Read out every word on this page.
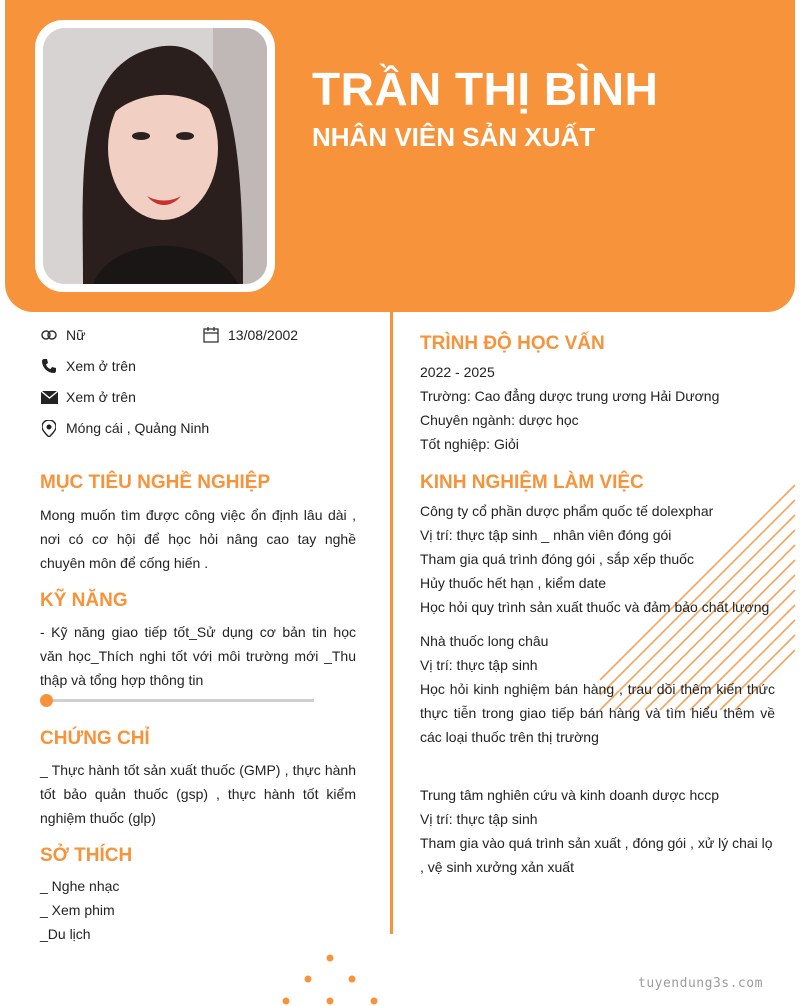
TRẦN THỊ BÌNH
NHÂN VIÊN SẢN XUẤT
Nữ	13/08/2002
Xem ở trên
Xem ở trên
Móng cái , Quảng Ninh
MỤC TIÊU NGHỀ NGHIỆP

Mong muốn tìm được công việc ổn định lâu dài , nơi có cơ hội để học hỏi nâng cao tay nghề chuyên môn để cống hiến .

KỸ NĂNG

- Kỹ năng giao tiếp tốt_Sử dụng cơ bản tin học văn học_Thích nghi tốt với môi trường mới _Thu thập và tổng hợp thông tin

CHỨNG CHỈ

_ Thực hành tốt sản xuất thuốc (GMP) , thực hành tốt bảo quản thuốc (gsp) , thực hành tốt kiểm nghiệm thuốc (glp)

SỞ THÍCH
_ Nghe nhạc
_ Xem phim
_Du lịch
TRÌNH ĐỘ HỌC VẤN
2022 - 2025
Trường: Cao đẳng dược trung ương Hải Dương
Chuyên ngành: dược học
Tốt nghiệp: Giỏi
KINH NGHIỆM LÀM VIỆC
Công ty cổ phần dược phẩm quốc tế dolexphar
Vị trí: thực tập sinh _ nhân viên đóng gói
Tham gia quá trình đóng gói , sắp xếp thuốc
Hủy thuốc hết hạn , kiểm date
Học hỏi quy trình sản xuất thuốc và đảm bảo chất lượng
Nhà thuốc long châu
Vị trí: thực tập sinh

Học hỏi kinh nghiệm bán hàng , trau dồi thêm kiến thức thực tiễn trong giao tiếp bán hàng và tìm hiểu thêm về các loại thuốc trên thị trường

Trung tâm nghiên cứu và kinh doanh dược hccp
Vị trí: thực tập sinh

Tham gia vào quá trình sản xuất , đóng gói , xử lý chai lọ , vệ sinh xưởng xản xuất

tuyendung3s.com
